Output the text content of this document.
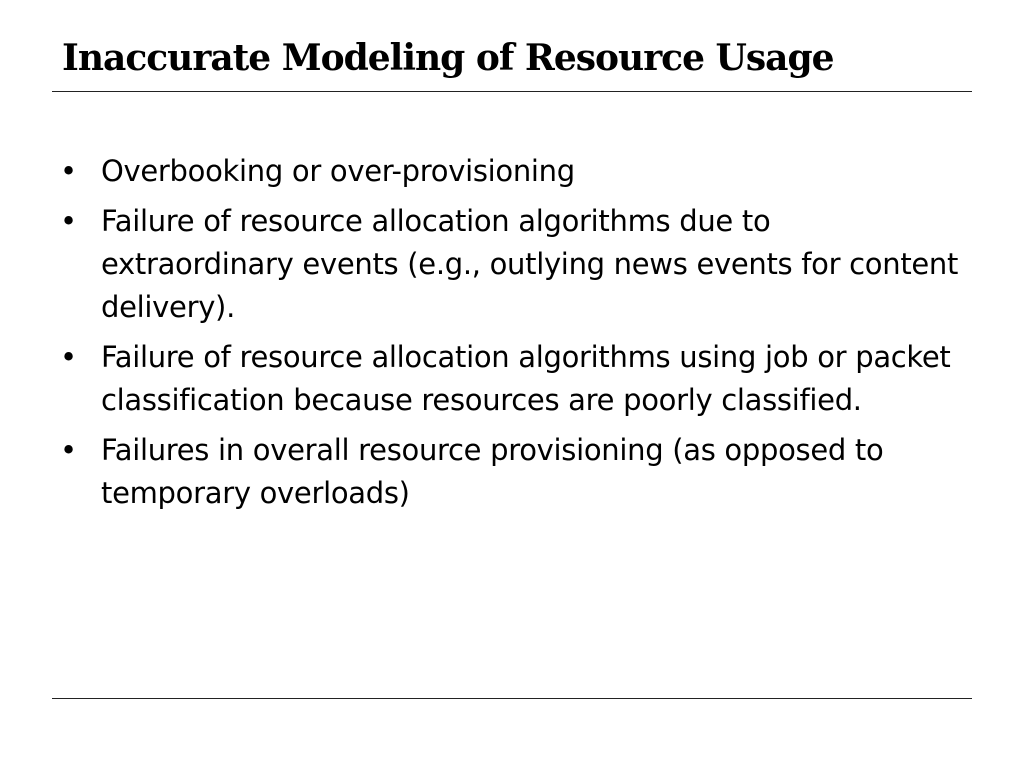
Inaccurate Modeling of Resource Usage
• Overbooking or over-provisioning
• Failure of resource allocation algorithms due to extraordinary events (e.g., outlying news events for content delivery).
• Failure of resource allocation algorithms using job or packet classification because resources are poorly classified.
• Failures in overall resource provisioning (as opposed to temporary overloads)
